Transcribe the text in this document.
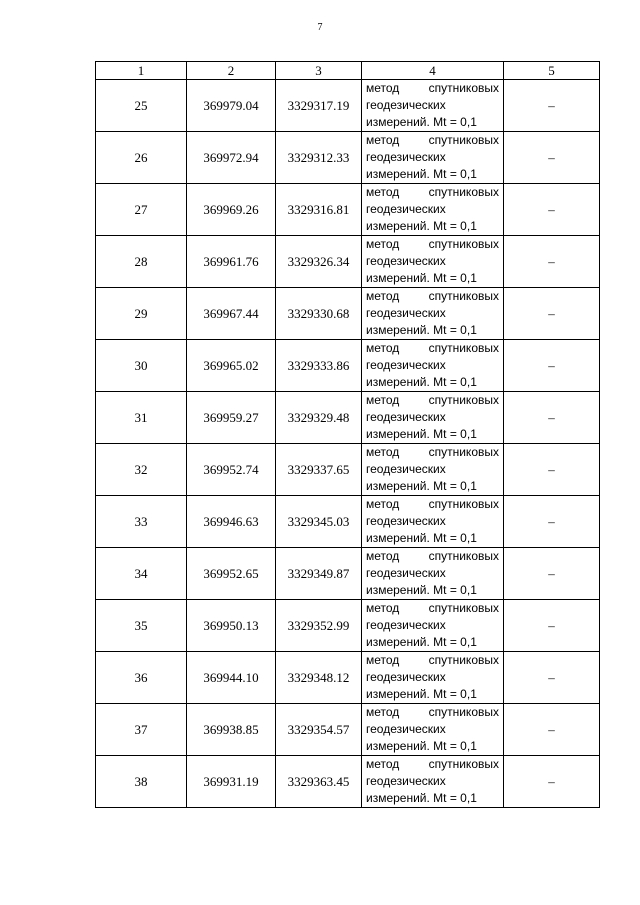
7
1	2	3	4	5
25	369979.04	3329317.19	метод спутниковых
геодезических
измерений. Mt = 0,1	–
26	369972.94	3329312.33	метод спутниковых
геодезических
измерений. Mt = 0,1	–
27	369969.26	3329316.81	метод спутниковых
геодезических
измерений. Mt = 0,1	–
28	369961.76	3329326.34	метод спутниковых
геодезических
измерений. Mt = 0,1	–
29	369967.44	3329330.68	метод спутниковых
геодезических
измерений. Mt = 0,1	–
30	369965.02	3329333.86	метод спутниковых
геодезических
измерений. Mt = 0,1	–
31	369959.27	3329329.48	метод спутниковых
геодезических
измерений. Mt = 0,1	–
32	369952.74	3329337.65	метод спутниковых
геодезических
измерений. Mt = 0,1	–
33	369946.63	3329345.03	метод спутниковых
геодезических
измерений. Mt = 0,1	–
34	369952.65	3329349.87	метод спутниковых
геодезических
измерений. Mt = 0,1	–
35	369950.13	3329352.99	метод спутниковых
геодезических
измерений. Mt = 0,1	–
36	369944.10	3329348.12	метод спутниковых
геодезических
измерений. Mt = 0,1	–
37	369938.85	3329354.57	метод спутниковых
геодезических
измерений. Mt = 0,1	–
38	369931.19	3329363.45	метод спутниковых
геодезических
измерений. Mt = 0,1	–
